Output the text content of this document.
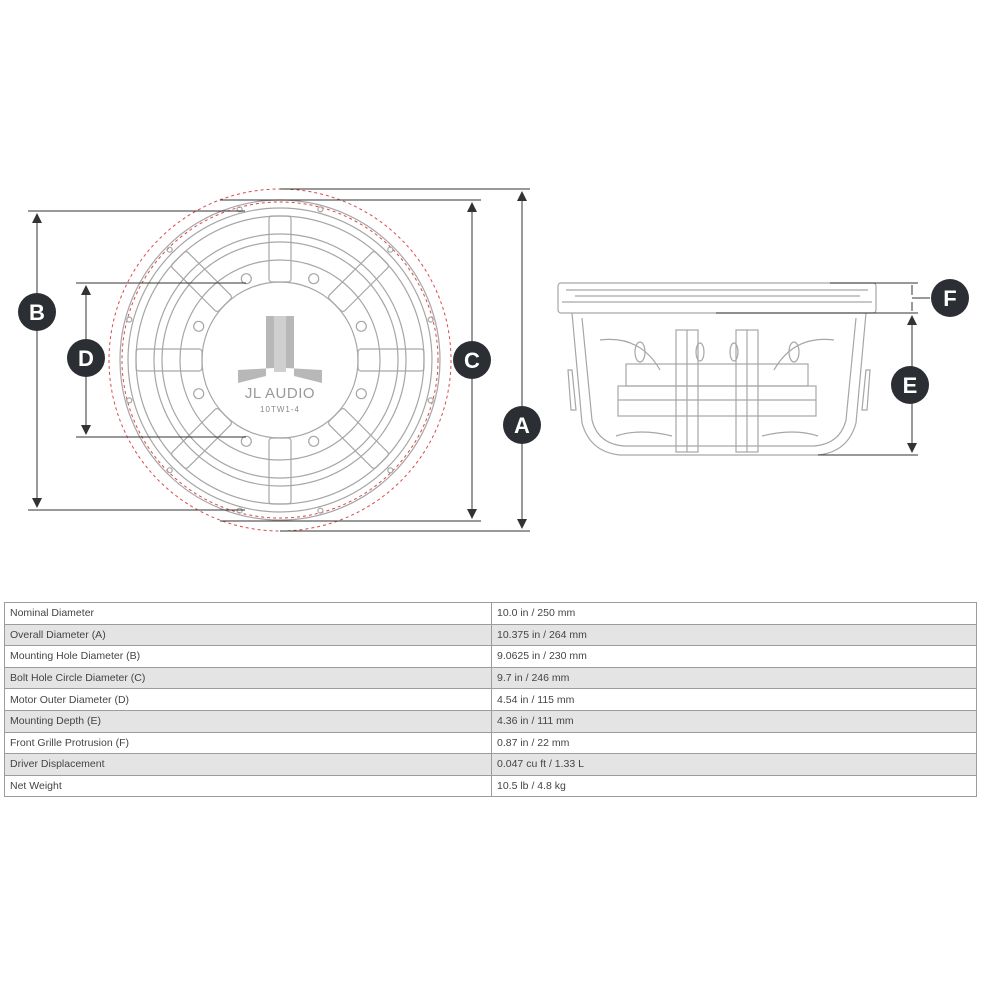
JL AUDIO
10TW1-4
B
D	C
A
F
E
Nominal Diameter	10.0 in / 250 mm
Overall Diameter (A)	10.375 in / 264 mm
Mounting Hole Diameter (B)	9.0625 in / 230 mm
Bolt Hole Circle Diameter (C)	9.7 in / 246 mm
Motor Outer Diameter (D)	4.54 in / 115 mm
Mounting Depth (E)	4.36 in / 111 mm
Front Grille Protrusion (F)	0.87 in / 22 mm
Driver Displacement	0.047 cu ft / 1.33 L
Net Weight	10.5 lb / 4.8 kg
